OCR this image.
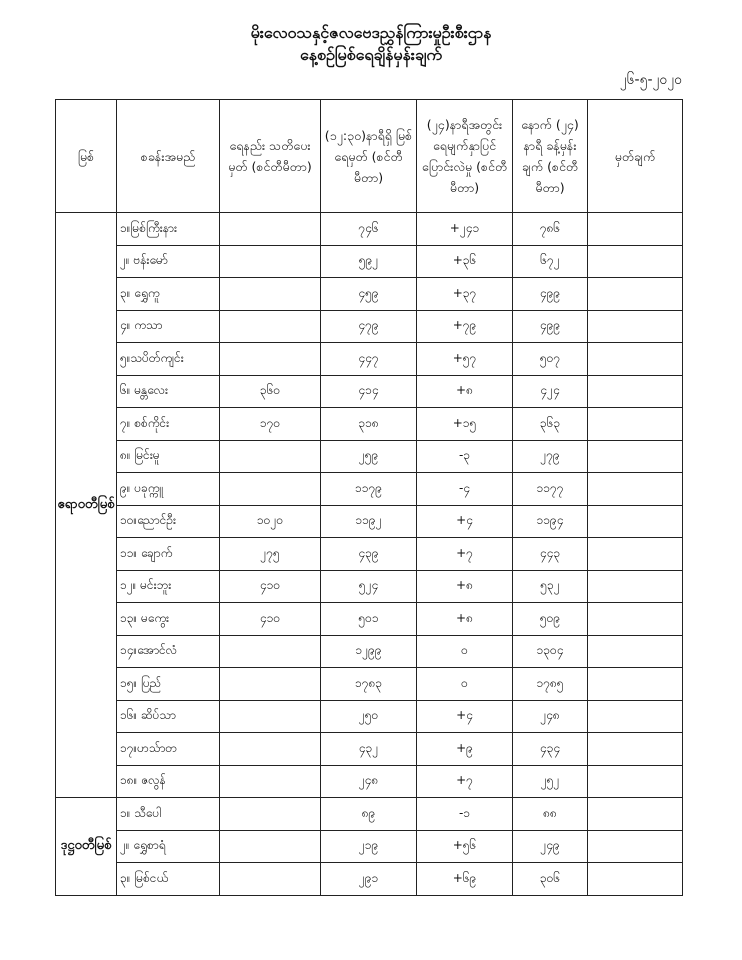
မိုးလေဝသနှင့်ဇလဗေဒညွှန်ကြားမှုဦးစီးဌာန
နေ့စဉ်မြစ်ရေချိန်မှန်းချက်
၂၆-၅-၂၀၂၀
မြစ်	စခန်းအမည်	ရေနည်း သတိပေးမှတ် (စင်တီမီတာ)	(၁၂:၃၀)နာရီရှိ မြစ်ရေမှတ် (စင်တီမီတာ)	(၂၄)နာရီအတွင်း ရေမျက်နှာပြင် ပြောင်းလဲမှု (စင်တီမီတာ)	နောက် (၂၄) နာရီ ခန့်မှန်းချက် (စင်တီမီတာ)	မှတ်ချက်
ဧရာဝတီမြစ်	၁။မြစ်ကြီးနား		၇၄၆	+၂၄၁	၇၈၆	
	၂။ ဗန်းမော်		၅၉၂	+၃၆	၆၇၂	
	၃။ ရွှေကူ		၄၅၉	+၃၇	၄၉၉	
	၄။ ကသာ		၄၇၉	+၇၉	၄၉၉	
	၅။သပိတ်ကျင်း		၄၄၇	+၅၇	၅၀၇	
	၆။ မန္တလေး	၃၆၀	၄၁၄	+၈	၄၂၄	
	၇။ စစ်ကိုင်း	၁၇၀	၃၁၈	+၁၅	၃၆၃	
	၈။ မြင်းမူ		၂၅၉	-၃	၂၇၉	
	၉။ ပခုက္ကူ		၁၁၇၉	-၄	၁၁၇၇	
	၁၀။ညောင်ဦး	၁၀၂၀	၁၁၉၂	+၄	၁၁၉၄	
	၁၁။ ချောက်	၂၇၅	၄၃၉	+၇	၄၄၃	
	၁၂။ မင်းဘူး	၄၁၀	၅၂၄	+၈	၅၃၂	
	၁၃။ မကွေး	၄၁၀	၅၀၁	+၈	၅၀၉	
	၁၄။အောင်လံ		၁၂၉၉	၀	၁၃၀၄	
	၁၅။ ပြည်		၁၇၈၃	၀	၁၇၈၅	
	၁၆။ ဆိပ်သာ		၂၅၀	+၄	၂၄၈	
	၁၇။ဟသ်ာတ		၄၃၂	+၉	၄၃၄	
	၁၈။ ဇလွန်		၂၄၈	+၇	၂၅၂	
ဒုဋ္ဌဝတီမြစ်	၁။ သီပေါ		၈၉	-၁	၈၈	
	၂။ ရွှေစာရံ		၂၁၉	+၅၆	၂၄၉	
	၃။ မြစ်ငယ်		၂၉၁	+၆၉	၃၀၆	
